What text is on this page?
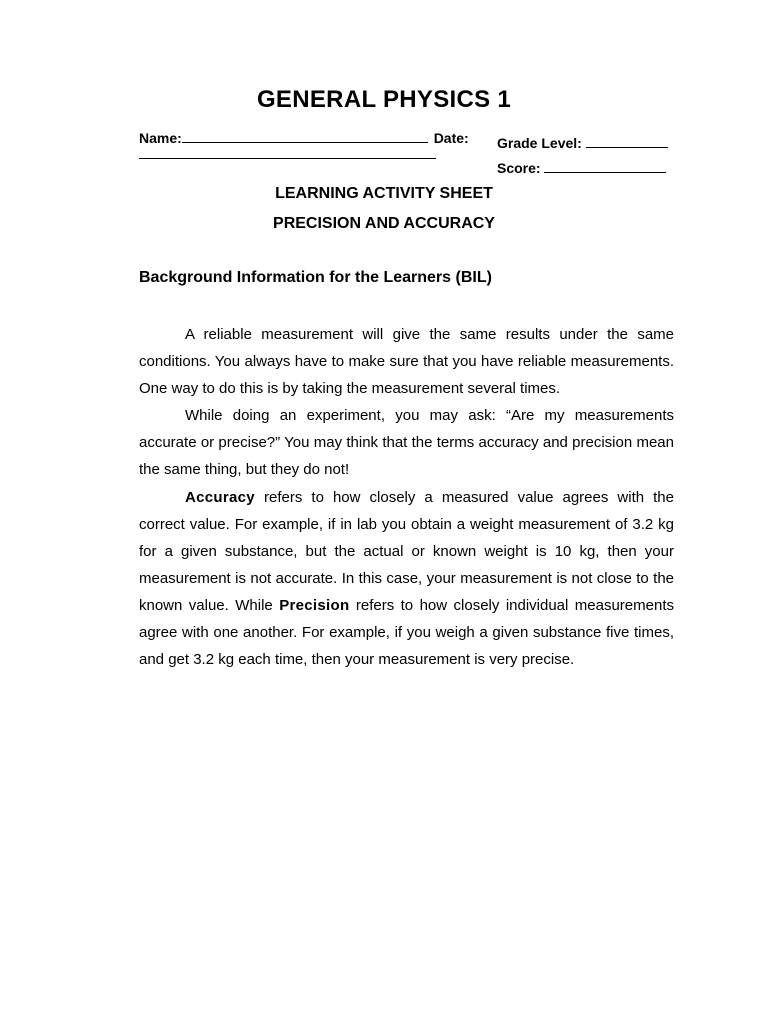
GENERAL PHYSICS 1
Name:	Date: Grade Level:
Score:
LEARNING ACTIVITY SHEET
PRECISION AND ACCURACY
Background Information for the Learners (BIL)

A reliable measurement will give the same results under the same conditions. You always have to make sure that you have reliable measurements. One way to do this is by taking the measurement several times.

While doing an experiment, you may ask: “Are my measurements accurate or precise?” You may think that the terms accuracy and precision mean the same thing, but they do not!

Accuracy refers to how closely a measured value agrees with the correct value. For example, if in lab you obtain a weight measurement of 3.2 kg for a given substance, but the actual or known weight is 10 kg, then your measurement is not accurate. In this case, your measurement is not close to the known value. While Precision refers to how closely individual measurements agree with one another. For example, if you weigh a given substance five times, and get 3.2 kg each time, then your measurement is very precise.
